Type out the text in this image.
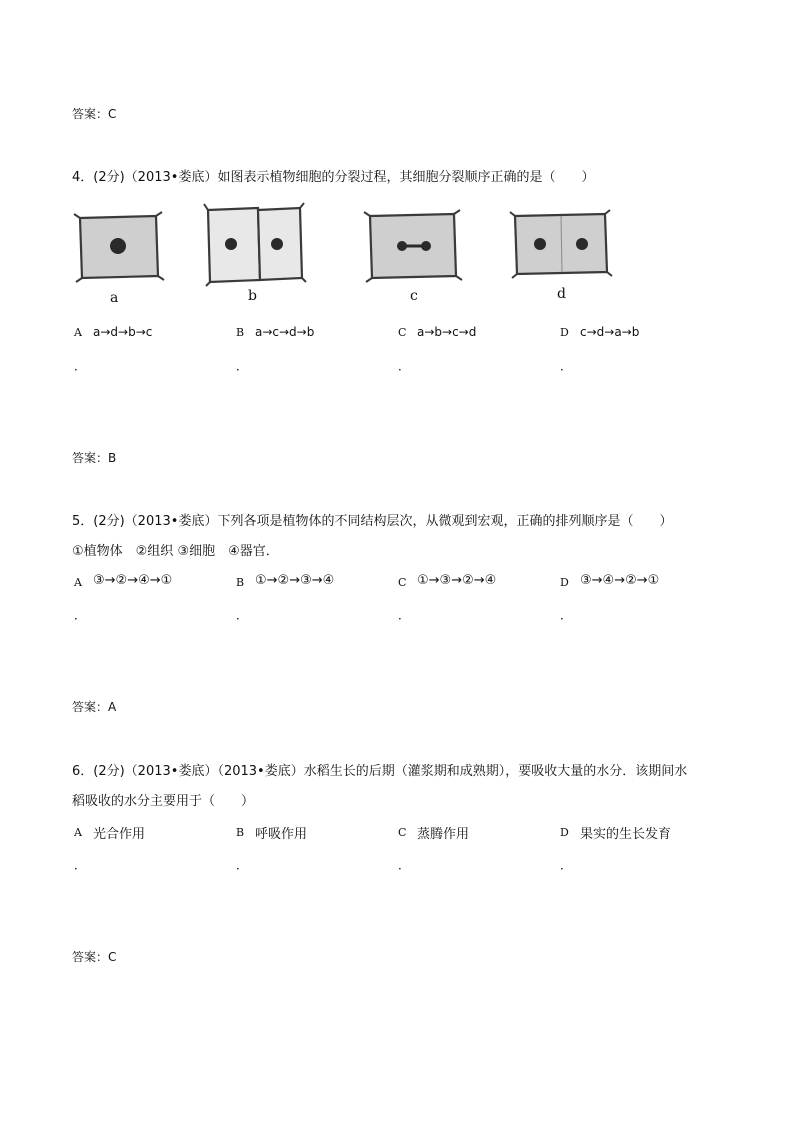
答案：C
4．(2分)（2013•娄底）如图表示植物细胞的分裂过程，其细胞分裂顺序正确的是（　　）
a	b	c	d
A a→d→b→c
．
B a→c→d→b
．
C a→b→c→d
．
D c→d→a→b
．
答案：B
5．(2分)（2013•娄底）下列各项是植物体的不同结构层次，从微观到宏观，正确的排列顺序是（　　）
①植物体　②组织 ③细胞　④器官．
A ③→②→④→①
．
B ①→②→③→④
．
C ①→③→②→④
．
D ③→④→②→①
．
答案：A
6．(2分)（2013•娄底）（2013•娄底）水稻生长的后期（灌浆期和成熟期），要吸收大量的水分．该期间水
稻吸收的水分主要用于（　　）
A 光合作用
．
B 呼吸作用
．
C 蒸腾作用
．
D 果实的生长发育
．
答案：C
